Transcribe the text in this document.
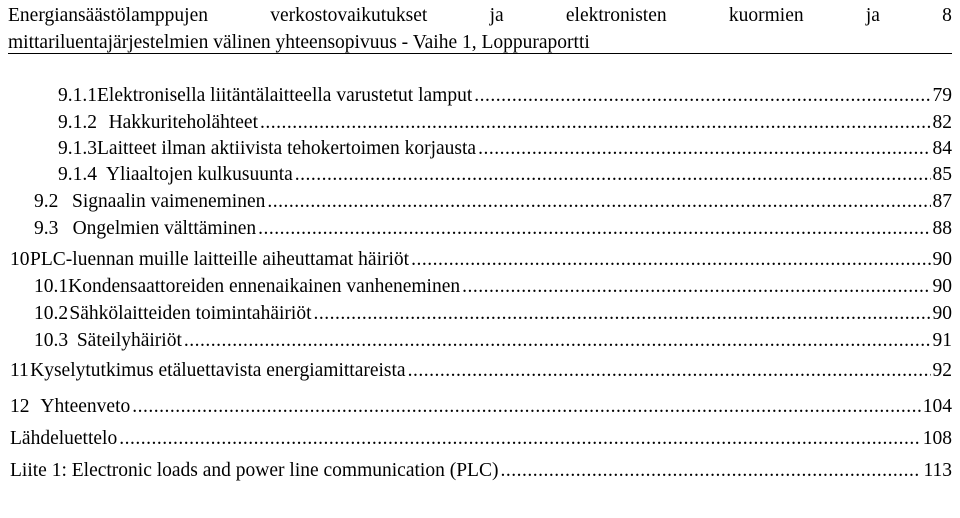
Energiansäästölamppujen	verkostovaikutukset	ja	elektronisten	kuormien	ja	8
mittariluentajärjestelmien välinen yhteensopivuus - Vaihe 1, Loppuraportti
9.1.1 Elektronisella liitäntälaitteella varustetut lamput .....	79
9.1.2 Hakkuriteholähteet .....	82
9.1.3 Laitteet ilman aktiivista tehokertoimen korjausta .....	84
9.1.4 Yliaaltojen kulkusuunta .....	85
9.2 Signaalin vaimeneminen .....	87
9.3 Ongelmien välttäminen .....	88
10 PLC-luennan muille laitteille aiheuttamat häiriöt .....	90
10.1 Kondensaattoreiden ennenaikainen vanheneminen .....	90
10.2 Sähkölaitteiden toimintahäiriöt .....	90
10.3 Säteilyhäiriöt .....	91
11 Kyselytutkimus etäluettavista energiamittareista .....	92
12 Yhteenveto .....	104
Lähdeluettelo .....	108
Liite 1: Electronic loads and power line communication (PLC) .....	113
